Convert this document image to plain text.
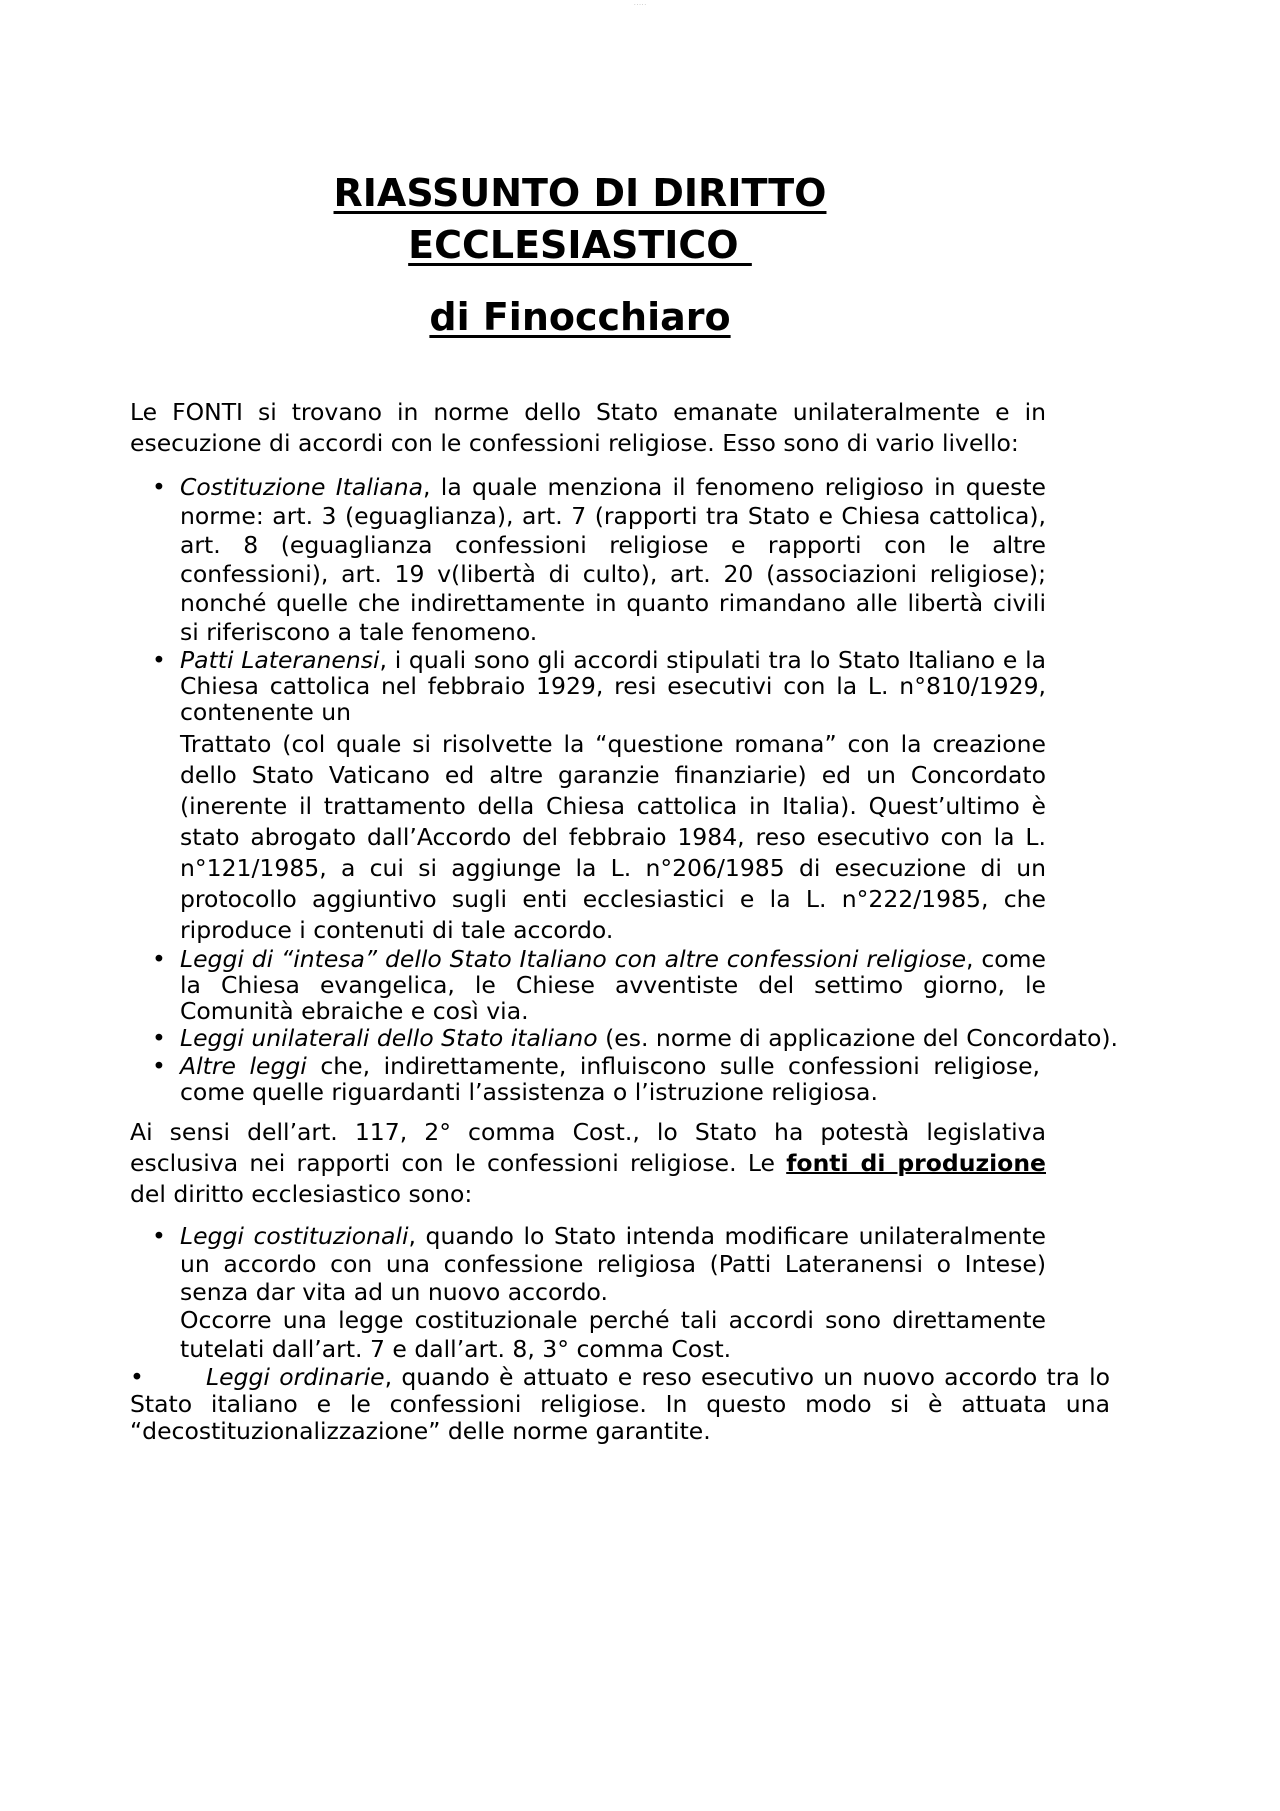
· · · · ·
RIASSUNTO DI DIRITTO
ECCLESIASTICO
di Finocchiaro

Le FONTI si trovano in norme dello Stato emanate unilateralmente e in esecuzione di accordi con le confessioni religiose. Esso sono di vario livello:

• Costituzione Italiana, la quale menziona il fenomeno religioso in queste norme: art. 3 (eguaglianza), art. 7 (rapporti tra Stato e Chiesa cattolica), art. 8 (eguaglianza confessioni religiose e rapporti con le altre confessioni), art. 19 v(libertà di culto), art. 20 (associazioni religiose); nonché quelle che indirettamente in quanto rimandano alle libertà civili si riferiscono a tale fenomeno.
• Patti Lateranensi, i quali sono gli accordi stipulati tra lo Stato Italiano e la Chiesa cattolica nel febbraio 1929, resi esecutivi con la L. n°810/1929, contenente un
Trattato (col quale si risolvette la “questione romana” con la creazione dello Stato Vaticano ed altre garanzie finanziarie) ed un Concordato (inerente il trattamento della Chiesa cattolica in Italia). Quest’ultimo è stato abrogato dall’Accordo del febbraio 1984, reso esecutivo con la L. n°121/1985, a cui si aggiunge la L. n°206/1985 di esecuzione di un protocollo aggiuntivo sugli enti ecclesiastici e la L. n°222/1985, che riproduce i contenuti di tale accordo.
• Leggi di “intesa” dello Stato Italiano con altre confessioni religiose, come la Chiesa evangelica, le Chiese avventiste del settimo giorno, le Comunità ebraiche e così via.
• Leggi unilaterali dello Stato italiano (es. norme di applicazione del Concordato).
• Altre leggi che, indirettamente, influiscono sulle confessioni religiose, come quelle riguardanti l’assistenza o l’istruzione religiosa.

Ai sensi dell’art. 117, 2° comma Cost., lo Stato ha potestà legislativa esclusiva nei rapporti con le confessioni religiose. Le fonti di produzione del diritto ecclesiastico sono:

• Leggi costituzionali, quando lo Stato intenda modificare unilateralmente un accordo con una confessione religiosa (Patti Lateranensi o Intese) senza dar vita ad un nuovo accordo.
Occorre una legge costituzionale perché tali accordi sono direttamente tutelati dall’art. 7 e dall’art. 8, 3° comma Cost.

•	Leggi ordinarie, quando è attuato e reso esecutivo un nuovo accordo tra lo Stato italiano e le confessioni religiose. In questo modo si è attuata una “decostituzionalizzazione” delle norme garantite.
